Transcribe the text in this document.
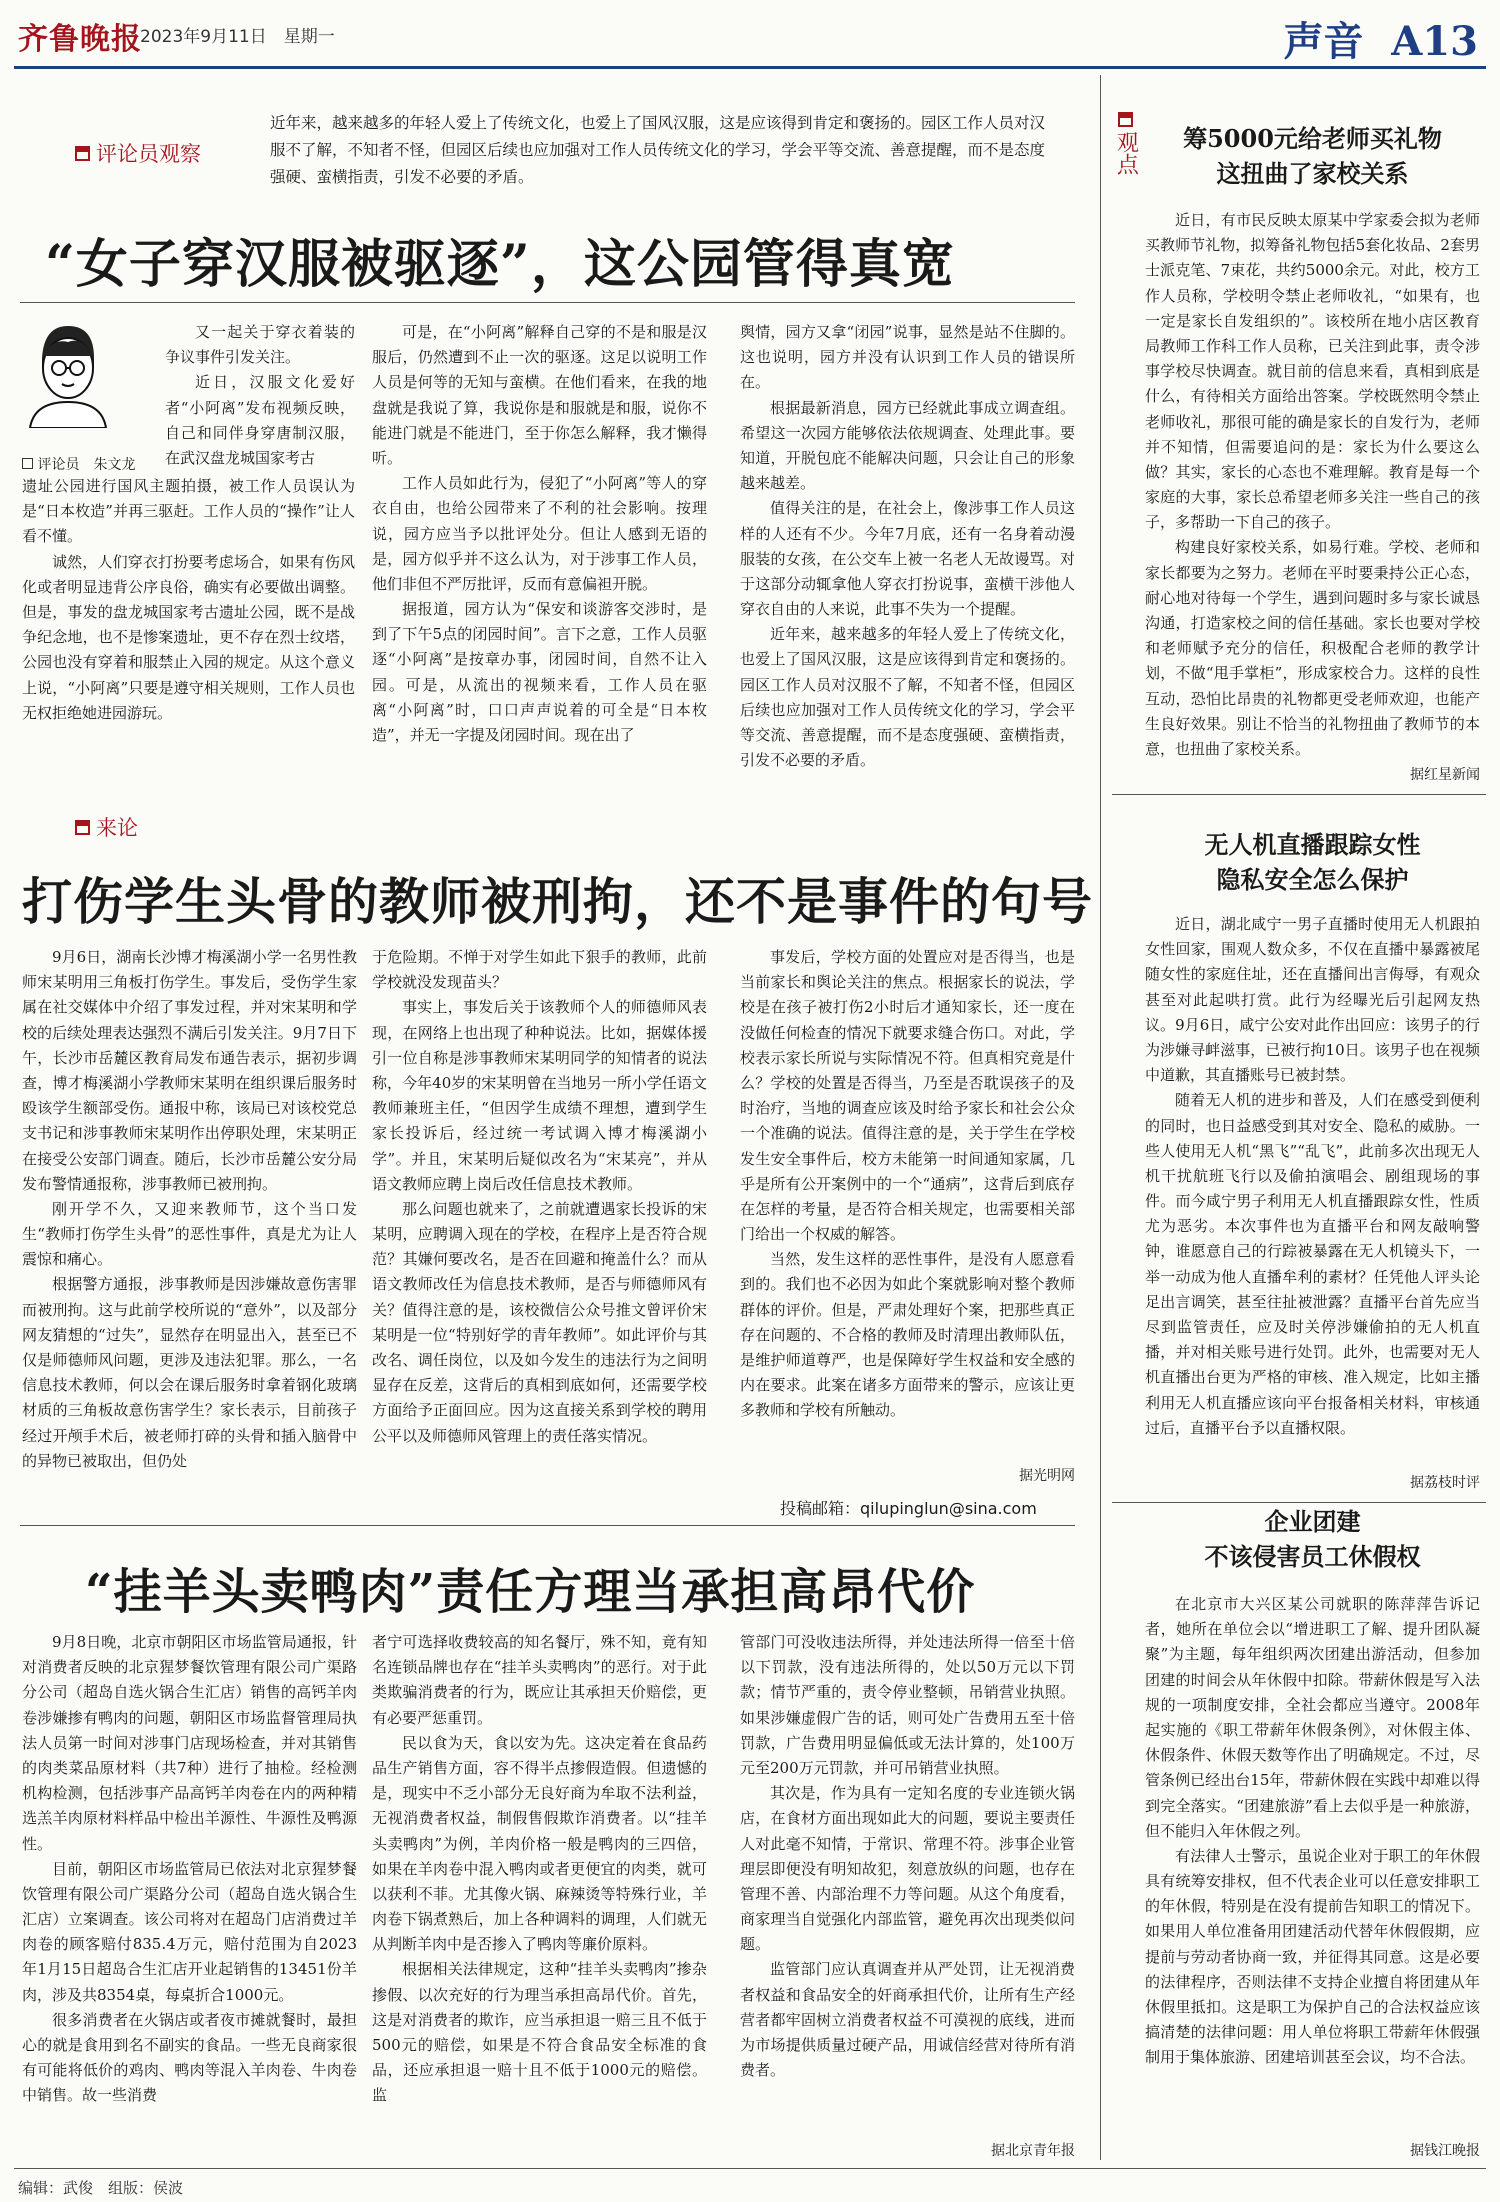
齐鲁晚报
2023年9月11日　星期一	声音 A13
近年来，越来越多的年轻人爱上了传统文化，也爱上了国风汉服，这是应该得到肯定和褒扬的。园区工作人员对汉服不了解，不知者不怪，但园区后续也应加强对工作人员传统文化的学习，学会平等交流、善意提醒，而不是态度强硬、蛮横指责，引发不必要的矛盾。
评论员观察
“女子穿汉服被驱逐”，这公园管得真宽
评论员　朱文龙

又一起关于穿衣着装的争议事件引发关注。

近日，汉服文化爱好者“小阿离”发布视频反映，自己和同伴身穿唐制汉服，在武汉盘龙城国家考古

遗址公园进行国风主题拍摄，被工作人员误认为是“日本枚造”并再三驱赶。工作人员的“操作”让人看不懂。

诚然，人们穿衣打扮要考虑场合，如果有伤风化或者明显违背公序良俗，确实有必要做出调整。但是，事发的盘龙城国家考古遗址公园，既不是战争纪念地，也不是惨案遗址，更不存在烈士纹塔，公园也没有穿着和服禁止入园的规定。从这个意义上说，“小阿离”只要是遵守相关规则，工作人员也无权拒绝她进园游玩。

可是，在“小阿离”解释自己穿的不是和服是汉服后，仍然遭到不止一次的驱逐。这足以说明工作人员是何等的无知与蛮横。在他们看来，在我的地盘就是我说了算，我说你是和服就是和服，说你不能进门就是不能进门，至于你怎么解释，我才懒得听。

工作人员如此行为，侵犯了“小阿离”等人的穿衣自由，也给公园带来了不利的社会影响。按理说，园方应当予以批评处分。但让人感到无语的是，园方似乎并不这么认为，对于涉事工作人员，他们非但不严厉批评，反而有意偏袒开脱。

据报道，园方认为“保安和谈游客交涉时，是到了下午5点的闭园时间”。言下之意，工作人员驱逐“小阿离”是按章办事，闭园时间，自然不让入园。可是，从流出的视频来看，工作人员在驱离“小阿离”时，口口声声说着的可全是“日本枚造”，并无一字提及闭园时间。现在出了

舆情，园方又拿“闭园”说事，显然是站不住脚的。这也说明，园方并没有认识到工作人员的错误所在。

根据最新消息，园方已经就此事成立调查组。希望这一次园方能够依法依规调查、处理此事。要知道，开脱包庇不能解决问题，只会让自己的形象越来越差。

值得关注的是，在社会上，像涉事工作人员这样的人还有不少。今年7月底，还有一名身着动漫服装的女孩，在公交车上被一名老人无故谩骂。对于这部分动辄拿他人穿衣打扮说事，蛮横干涉他人穿衣自由的人来说，此事不失为一个提醒。

近年来，越来越多的年轻人爱上了传统文化，也爱上了国风汉服，这是应该得到肯定和褒扬的。园区工作人员对汉服不了解，不知者不怪，但园区后续也应加强对工作人员传统文化的学习，学会平等交流、善意提醒，而不是态度强硬、蛮横指责，引发不必要的矛盾。

来论
打伤学生头骨的教师被刑拘，还不是事件的句号

9月6日，湖南长沙博才梅溪湖小学一名男性教师宋某明用三角板打伤学生。事发后，受伤学生家属在社交媒体中介绍了事发过程，并对宋某明和学校的后续处理表达强烈不满后引发关注。9月7日下午，长沙市岳麓区教育局发布通告表示，据初步调查，博才梅溪湖小学教师宋某明在组织课后服务时殴该学生额部受伤。通报中称，该局已对该校党总支书记和涉事教师宋某明作出停职处理，宋某明正在接受公安部门调查。随后，长沙市岳麓公安分局发布警情通报称，涉事教师已被刑拘。

刚开学不久，又迎来教师节，这个当口发生“教师打伤学生头骨”的恶性事件，真是尤为让人震惊和痛心。

根据警方通报，涉事教师是因涉嫌故意伤害罪而被刑拘。这与此前学校所说的“意外”，以及部分网友猜想的“过失”，显然存在明显出入，甚至已不仅是师德师风问题，更涉及违法犯罪。那么，一名信息技术教师，何以会在课后服务时拿着钢化玻璃材质的三角板故意伤害学生？家长表示，目前孩子经过开颅手术后，被老师打碎的头骨和插入脑骨中的异物已被取出，但仍处

于危险期。不惮于对学生如此下狠手的教师，此前学校就没发现苗头？

事实上，事发后关于该教师个人的师德师风表现，在网络上也出现了种种说法。比如，据媒体援引一位自称是涉事教师宋某明同学的知情者的说法称，今年40岁的宋某明曾在当地另一所小学任语文教师兼班主任，“但因学生成绩不理想，遭到学生家长投诉后，经过统一考试调入博才梅溪湖小学”。并且，宋某明后疑似改名为“宋某亮”，并从语文教师应聘上岗后改任信息技术教师。

那么问题也就来了，之前就遭遇家长投诉的宋某明，应聘调入现在的学校，在程序上是否符合规范？其嫌何要改名，是否在回避和掩盖什么？而从语文教师改任为信息技术教师，是否与师德师风有关？值得注意的是，该校微信公众号推文曾评价宋某明是一位“特别好学的青年教师”。如此评价与其改名、调任岗位，以及如今发生的违法行为之间明显存在反差，这背后的真相到底如何，还需要学校方面给予正面回应。因为这直接关系到学校的聘用公平以及师德师风管理上的责任落实情况。

事发后，学校方面的处置应对是否得当，也是当前家长和舆论关注的焦点。根据家长的说法，学校是在孩子被打伤2小时后才通知家长，还一度在没做任何检查的情况下就要求缝合伤口。对此，学校表示家长所说与实际情况不符。但真相究竟是什么？学校的处置是否得当，乃至是否耽误孩子的及时治疗，当地的调查应该及时给予家长和社会公众一个准确的说法。值得注意的是，关于学生在学校发生安全事件后，校方未能第一时间通知家属，几乎是所有公开案例中的一个“通病”，这背后到底存在怎样的考量，是否符合相关规定，也需要相关部门给出一个权威的解答。

当然，发生这样的恶性事件，是没有人愿意看到的。我们也不必因为如此个案就影响对整个教师群体的评价。但是，严肃处理好个案，把那些真正存在问题的、不合格的教师及时清理出教师队伍，是维护师道尊严，也是保障好学生权益和安全感的内在要求。此案在诸多方面带来的警示，应该让更多教师和学校有所触动。

据光明网
投稿邮箱：qilupinglun@sina.com
“挂羊头卖鸭肉”责任方理当承担高昂代价

9月8日晚，北京市朝阳区市场监管局通报，针对消费者反映的北京猩梦餐饮管理有限公司广渠路分公司（超岛自选火锅合生汇店）销售的高钙羊肉卷涉嫌掺有鸭肉的问题，朝阳区市场监督管理局执法人员第一时间对涉事门店现场检查，并对其销售的肉类菜品原材料（共7种）进行了抽检。经检测机构检测，包括涉事产品高钙羊肉卷在内的两种精选羔羊肉原材料样品中检出羊源性、牛源性及鸭源性。

目前，朝阳区市场监管局已依法对北京猩梦餐饮管理有限公司广渠路分公司（超岛自选火锅合生汇店）立案调查。该公司将对在超岛门店消费过羊肉卷的顾客赔付835.4万元，赔付范围为自2023年1月15日超岛合生汇店开业起销售的13451份羊肉，涉及共8354桌，每桌折合1000元。

很多消费者在火锅店或者夜市摊就餐时，最担心的就是食用到名不副实的食品。一些无良商家很有可能将低价的鸡肉、鸭肉等混入羊肉卷、牛肉卷中销售。故一些消费

者宁可选择收费较高的知名餐厅，殊不知，竟有知名连锁品牌也存在“挂羊头卖鸭肉”的恶行。对于此类欺骗消费者的行为，既应让其承担天价赔偿，更有必要严惩重罚。

民以食为天，食以安为先。这决定着在食品药品生产销售方面，容不得半点掺假造假。但遗憾的是，现实中不乏小部分无良好商为牟取不法利益，无视消费者权益，制假售假欺诈消费者。以“挂羊头卖鸭肉”为例，羊肉价格一般是鸭肉的三四倍，如果在羊肉卷中混入鸭肉或者更便宜的肉类，就可以获利不菲。尤其像火锅、麻辣烫等特殊行业，羊肉卷下锅煮熟后，加上各种调料的调理，人们就无从判断羊肉中是否掺入了鸭肉等廉价原料。

根据相关法律规定，这种“挂羊头卖鸭肉”掺杂掺假、以次充好的行为理当承担高昂代价。首先，这是对消费者的欺诈，应当承担退一赔三且不低于500元的赔偿，如果是不符合食品安全标准的食品，还应承担退一赔十且不低于1000元的赔偿。监

管部门可没收违法所得，并处违法所得一倍至十倍以下罚款，没有违法所得的，处以50万元以下罚款；情节严重的，责令停业整顿，吊销营业执照。如果涉嫌虚假广告的话，则可处广告费用五至十倍罚款，广告费用明显偏低或无法计算的，处100万元至200万元罚款，并可吊销营业执照。

其次是，作为具有一定知名度的专业连锁火锅店，在食材方面出现如此大的问题，要说主要责任人对此毫不知情，于常识、常理不符。涉事企业管理层即便没有明知故犯，刻意放纵的问题，也存在管理不善、内部治理不力等问题。从这个角度看，商家理当自觉强化内部监管，避免再次出现类似问题。

监管部门应认真调查并从严处罚，让无视消费者权益和食品安全的奸商承担代价，让所有生产经营者都牢固树立消费者权益不可漠视的底线，进而为市场提供质量过硬产品，用诚信经营对待所有消费者。

据北京青年报
观点	筹5000元给老师买礼物
这扭曲了家校关系

近日，有市民反映太原某中学家委会拟为老师买教师节礼物，拟筹备礼物包括5套化妆品、2套男士派克笔、7束花，共约5000余元。对此，校方工作人员称，学校明令禁止老师收礼，“如果有，也一定是家长自发组织的”。该校所在地小店区教育局教师工作科工作人员称，已关注到此事，责令涉事学校尽快调查。就目前的信息来看，真相到底是什么，有待相关方面给出答案。学校既然明令禁止老师收礼，那很可能的确是家长的自发行为，老师并不知情，但需要追问的是：家长为什么要这么做？其实，家长的心态也不难理解。教育是每一个家庭的大事，家长总希望老师多关注一些自己的孩子，多帮助一下自己的孩子。

构建良好家校关系，如易行难。学校、老师和家长都要为之努力。老师在平时要秉持公正心态，耐心地对待每一个学生，遇到问题时多与家长诚恳沟通，打造家校之间的信任基础。家长也要对学校和老师赋予充分的信任，积极配合老师的教学计划，不做“甩手掌柜”，形成家校合力。这样的良性互动，恐怕比昂贵的礼物都更受老师欢迎，也能产生良好效果。别让不恰当的礼物扭曲了教师节的本意，也扭曲了家校关系。

据红星新闻
无人机直播跟踪女性
隐私安全怎么保护

近日，湖北咸宁一男子直播时使用无人机跟拍女性回家，围观人数众多，不仅在直播中暴露被尾随女性的家庭住址，还在直播间出言侮辱，有观众甚至对此起哄打赏。此行为经曝光后引起网友热议。9月6日，咸宁公安对此作出回应：该男子的行为涉嫌寻衅滋事，已被行拘10日。该男子也在视频中道歉，其直播账号已被封禁。

随着无人机的进步和普及，人们在感受到便利的同时，也日益感受到其对安全、隐私的威胁。一些人使用无人机“黑飞”“乱飞”，此前多次出现无人机干扰航班飞行以及偷拍演唱会、剧组现场的事件。而今咸宁男子利用无人机直播跟踪女性，性质尤为恶劣。本次事件也为直播平台和网友敲响警钟，谁愿意自己的行踪被暴露在无人机镜头下，一举一动成为他人直播牟利的素材？任凭他人评头论足出言调笑，甚至往扯被泄露？直播平台首先应当尽到监管责任，应及时关停涉嫌偷拍的无人机直播，并对相关账号进行处罚。此外，也需要对无人机直播出台更为严格的审核、准入规定，比如主播利用无人机直播应该向平台报备相关材料，审核通过后，直播平台予以直播权限。

据荔枝时评
企业团建
不该侵害员工休假权

在北京市大兴区某公司就职的陈萍萍告诉记者，她所在单位会以“增进职工了解、提升团队凝聚”为主题，每年组织两次团建出游活动，但参加团建的时间会从年休假中扣除。带薪休假是写入法规的一项制度安排，全社会都应当遵守。2008年起实施的《职工带薪年休假条例》，对休假主体、休假条件、休假天数等作出了明确规定。不过，尽管条例已经出台15年，带薪休假在实践中却难以得到完全落实。“团建旅游”看上去似乎是一种旅游，但不能归入年休假之列。

有法律人士警示，虽说企业对于职工的年休假具有统筹安排权，但不代表企业可以任意安排职工的年休假，特别是在没有提前告知职工的情况下。如果用人单位准备用团建活动代替年休假假期，应提前与劳动者协商一致，并征得其同意。这是必要的法律程序，否则法律不支持企业擅自将团建从年休假里抵扣。这是职工为保护自己的合法权益应该搞清楚的法律问题：用人单位将职工带薪年休假强制用于集体旅游、团建培训甚至会议，均不合法。

据钱江晚报
编辑：武俊　组版：侯波
